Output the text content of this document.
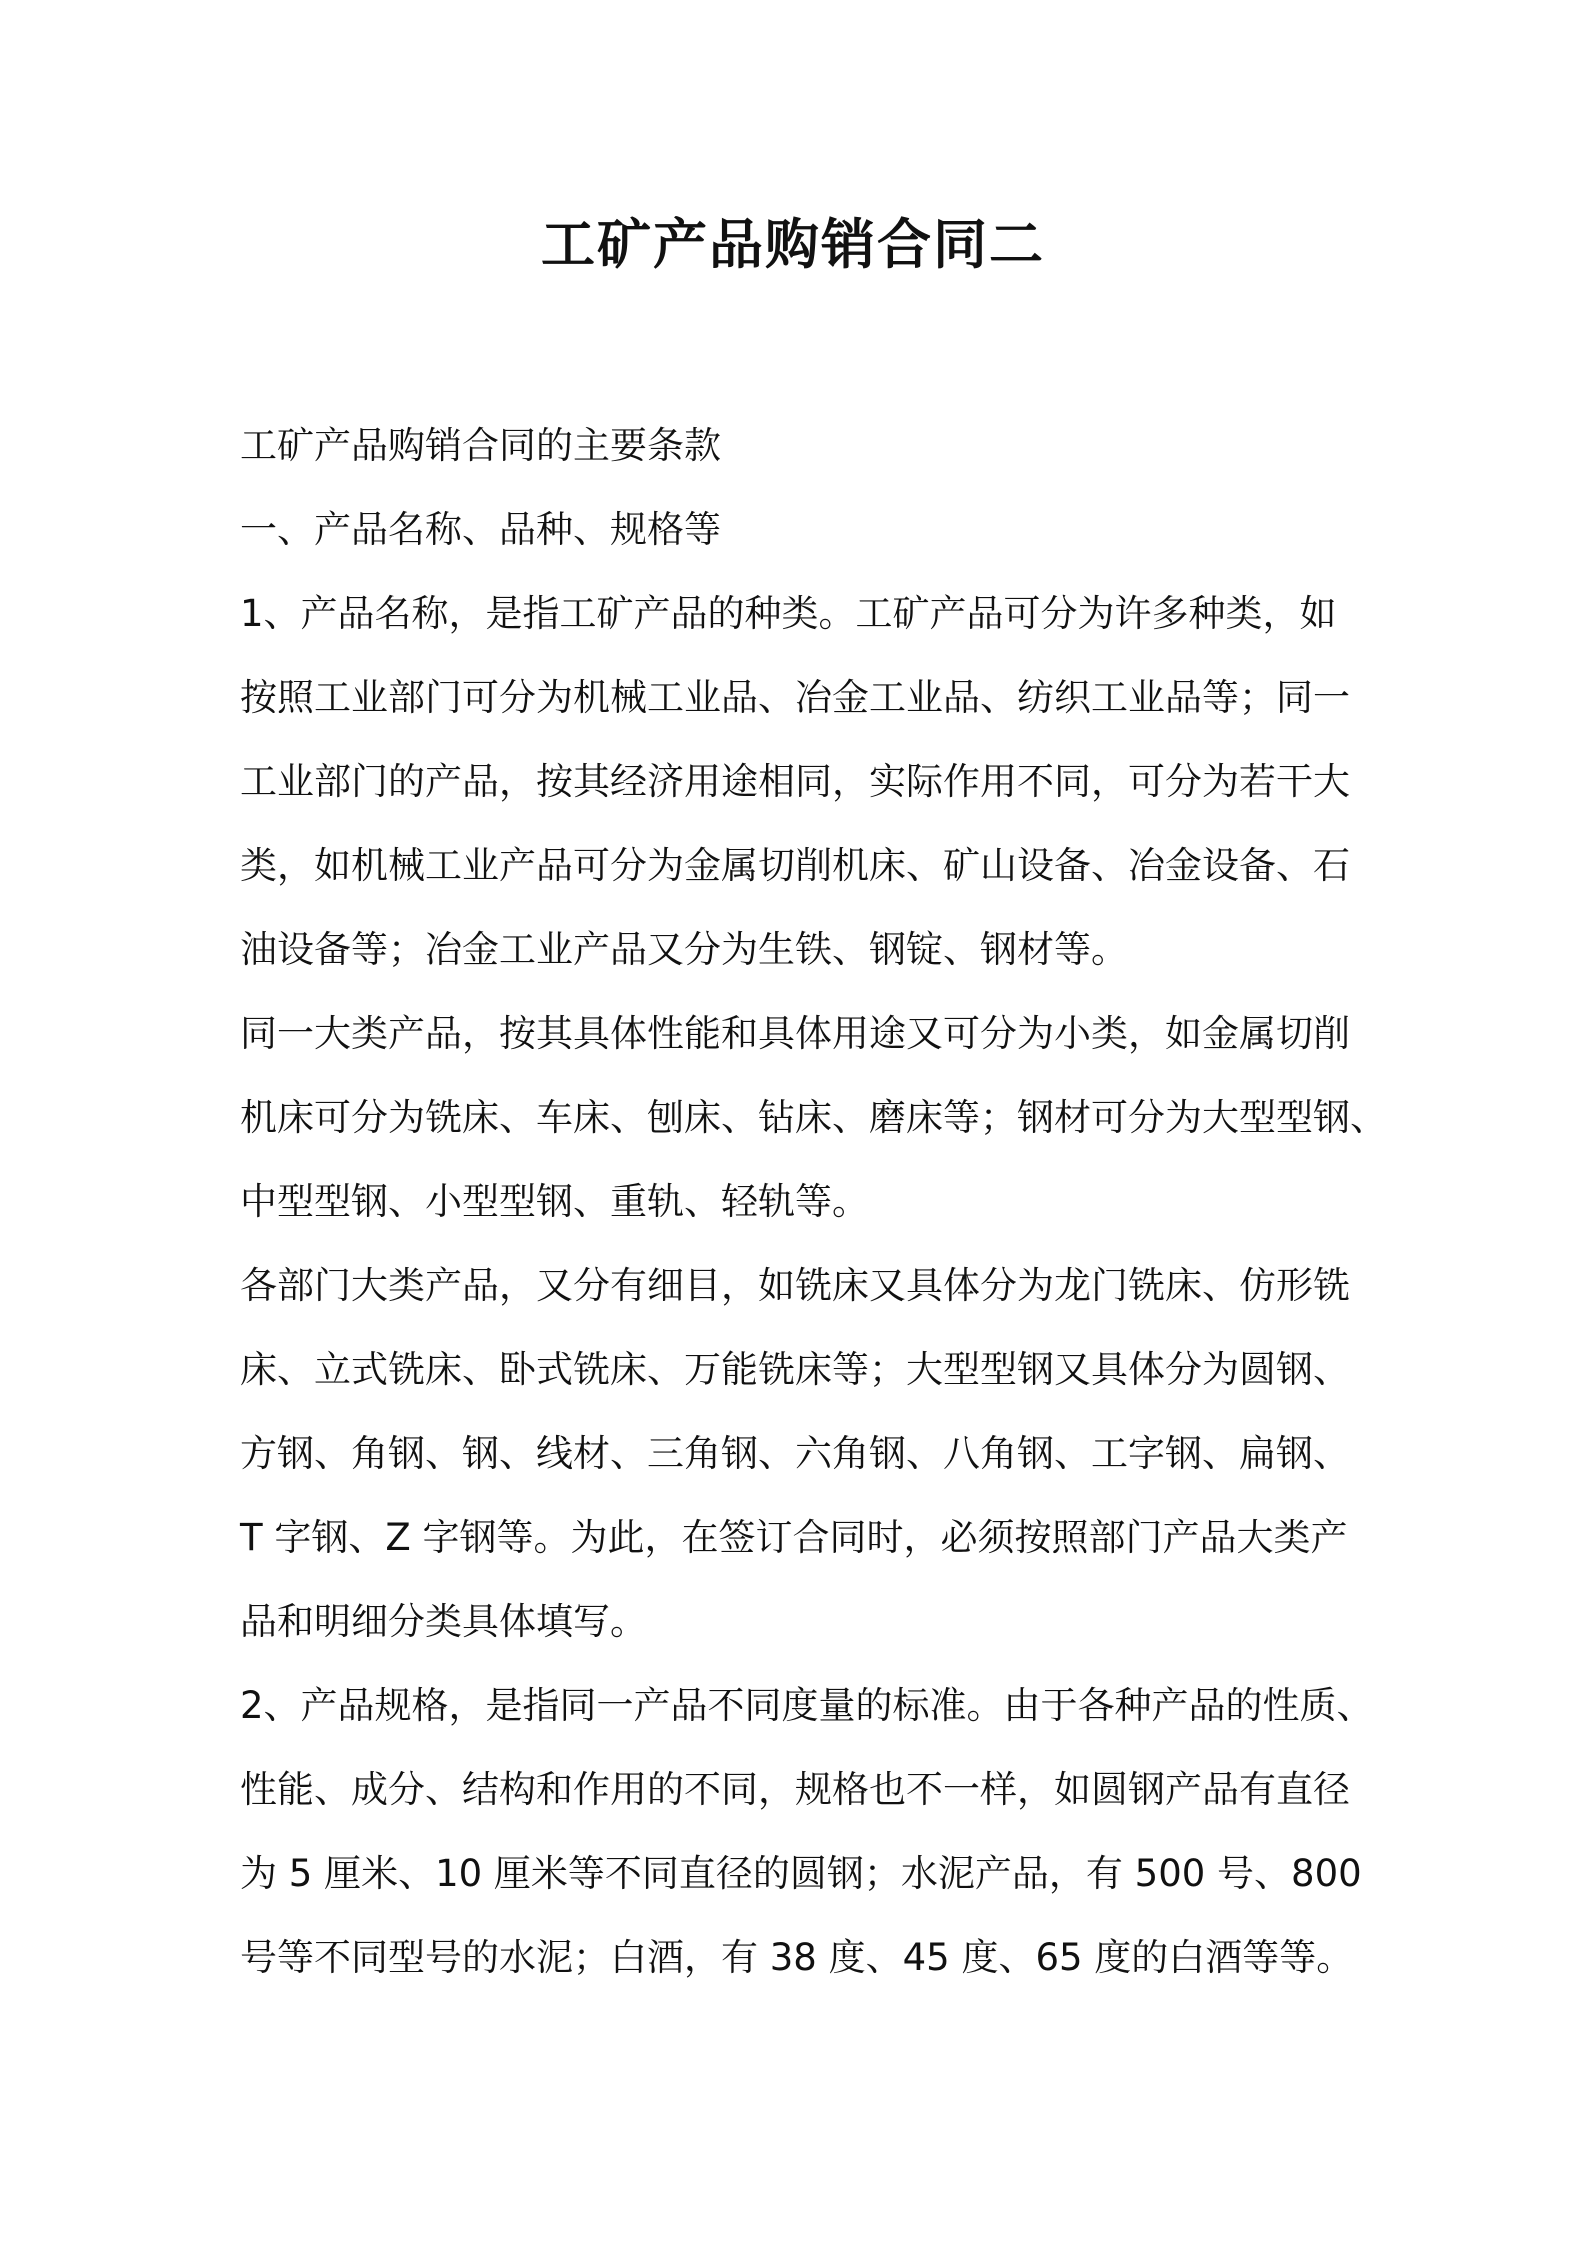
工矿产品购销合同二
工矿产品购销合同的主要条款
一、产品名称、品种、规格等
1、产品名称，是指工矿产品的种类。工矿产品可分为许多种类，如
按照工业部门可分为机械工业品、冶金工业品、纺织工业品等；同一
工业部门的产品，按其经济用途相同，实际作用不同，可分为若干大
类，如机械工业产品可分为金属切削机床、矿山设备、冶金设备、石
油设备等；冶金工业产品又分为生铁、钢锭、钢材等。
同一大类产品，按其具体性能和具体用途又可分为小类，如金属切削
机床可分为铣床、车床、刨床、钻床、磨床等；钢材可分为大型型钢、
中型型钢、小型型钢、重轨、轻轨等。
各部门大类产品，又分有细目，如铣床又具体分为龙门铣床、仿形铣
床、立式铣床、卧式铣床、万能铣床等；大型型钢又具体分为圆钢、
方钢、角钢、钢、线材、三角钢、六角钢、八角钢、工字钢、扁钢、
T 字钢、Z 字钢等。为此，在签订合同时，必须按照部门产品大类产
品和明细分类具体填写。
2、产品规格，是指同一产品不同度量的标准。由于各种产品的性质、
性能、成分、结构和作用的不同，规格也不一样，如圆钢产品有直径
为 5 厘米、10 厘米等不同直径的圆钢；水泥产品，有 500 号、800
号等不同型号的水泥；白酒，有 38 度、45 度、65 度的白酒等等。
